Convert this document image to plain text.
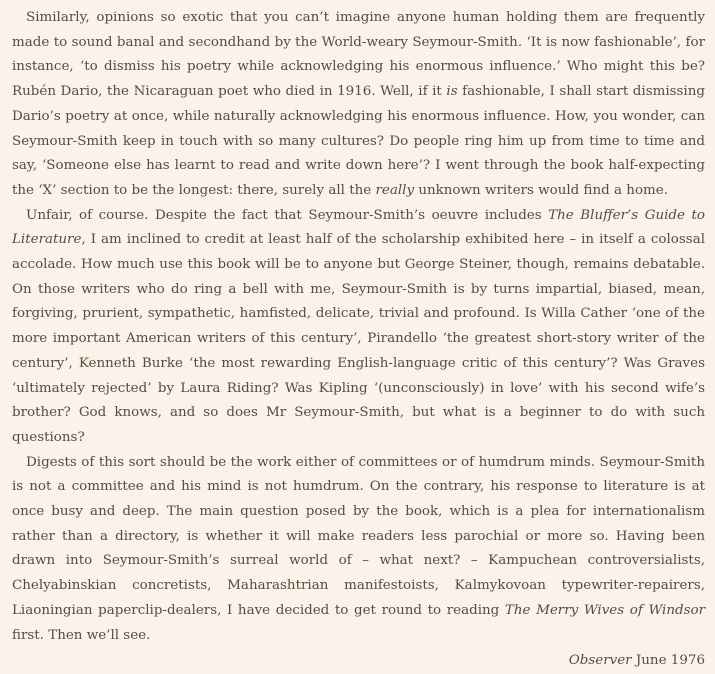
Similarly, opinions so exotic that you can’t imagine anyone human holding them are frequently made to sound banal and secondhand by the World-weary Seymour-Smith. ‘It is now fashionable’, for instance, ‘to dismiss his poetry while acknowledging his enormous influence.’ Who might this be? Rubén Dario, the Nicaraguan poet who died in 1916. Well, if it is fashionable, I shall start dismissing Dario’s poetry at once, while naturally acknowledging his enormous influence. How, you wonder, can Seymour-Smith keep in touch with so many cultures? Do people ring him up from time to time and say, ‘Someone else has learnt to read and write down here’? I went through the book half-expecting the ‘X’ section to be the longest: there, surely all the really unknown writers would find a home.

Unfair, of course. Despite the fact that Seymour-Smith’s oeuvre includes The Bluffer’s Guide to Literature, I am inclined to credit at least half of the scholarship exhibited here – in itself a colossal accolade. How much use this book will be to anyone but George Steiner, though, remains debatable. On those writers who do ring a bell with me, Seymour-Smith is by turns impartial, biased, mean, forgiving, prurient, sympathetic, hamfisted, delicate, trivial and profound. Is Willa Cather ‘one of the more important American writers of this century’, Pirandello ‘the greatest short-story writer of the century’, Kenneth Burke ‘the most rewarding English-language critic of this century’? Was Graves ‘ultimately rejected’ by Laura Riding? Was Kipling ‘(unconsciously) in love’ with his second wife’s brother? God knows, and so does Mr Seymour-Smith, but what is a beginner to do with such questions?

Digests of this sort should be the work either of committees or of humdrum minds. Seymour-Smith is not a committee and his mind is not humdrum. On the contrary, his response to literature is at once busy and deep. The main question posed by the book, which is a plea for internationalism rather than a directory, is whether it will make readers less parochial or more so. Having been drawn into Seymour-Smith’s surreal world of – what next? – Kampuchean controversialists, Chelyabinskian concretists, Maharashtrian manifestoists, Kalmykovoan typewriter-repairers, Liaoningian paperclip-dealers, I have decided to get round to reading The Merry Wives of Windsor first. Then we’ll see.

Observer June 1976
